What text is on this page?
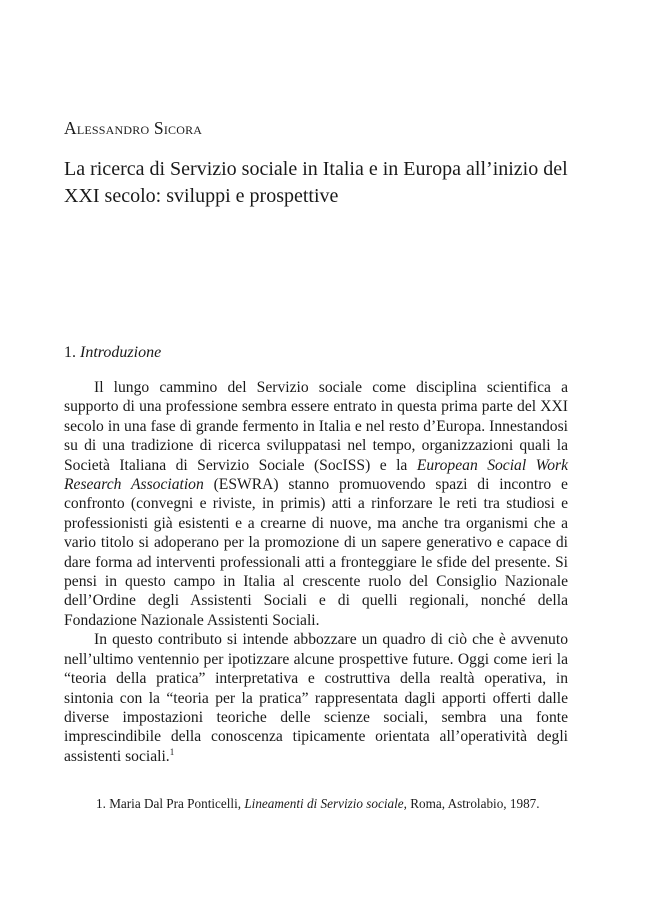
Alessandro Sicora

La ricerca di Servizio sociale in Italia e in Europa all’inizio del XXI secolo: sviluppi e prospettive
1. Introduzione

Il lungo cammino del Servizio sociale come disciplina scientifica a supporto di una professione sembra essere entrato in questa prima parte del XXI secolo in una fase di grande fermento in Italia e nel resto d’Europa. Innestandosi su di una tradizione di ricerca sviluppatasi nel tempo, organizzazioni quali la Società Italiana di Servizio Sociale (SocISS) e la European Social Work Research Association (ESWRA) stanno promuovendo spazi di incontro e confronto (convegni e riviste, in primis) atti a rinforzare le reti tra studiosi e professionisti già esistenti e a crearne di nuove, ma anche tra organismi che a vario titolo si adoperano per la promozione di un sapere generativo e capace di dare forma ad interventi professionali atti a fronteggiare le sfide del presente. Si pensi in questo campo in Italia al crescente ruolo del Consiglio Nazionale dell’Ordine degli Assistenti Sociali e di quelli regionali, nonché della Fondazione Nazionale Assistenti Sociali.

In questo contributo si intende abbozzare un quadro di ciò che è avvenuto nell’ultimo ventennio per ipotizzare alcune prospettive future. Oggi come ieri la “teoria della pratica” interpretativa e costruttiva della realtà operativa, in sintonia con la “teoria per la pratica” rappresentata dagli apporti offerti dalle diverse impostazioni teoriche delle scienze sociali, sembra una fonte imprescindibile della conoscenza tipicamente orientata all’operatività degli assistenti sociali.$^1$

1. Maria Dal Pra Ponticelli, Lineamenti di Servizio sociale, Roma, Astrolabio, 1987.
